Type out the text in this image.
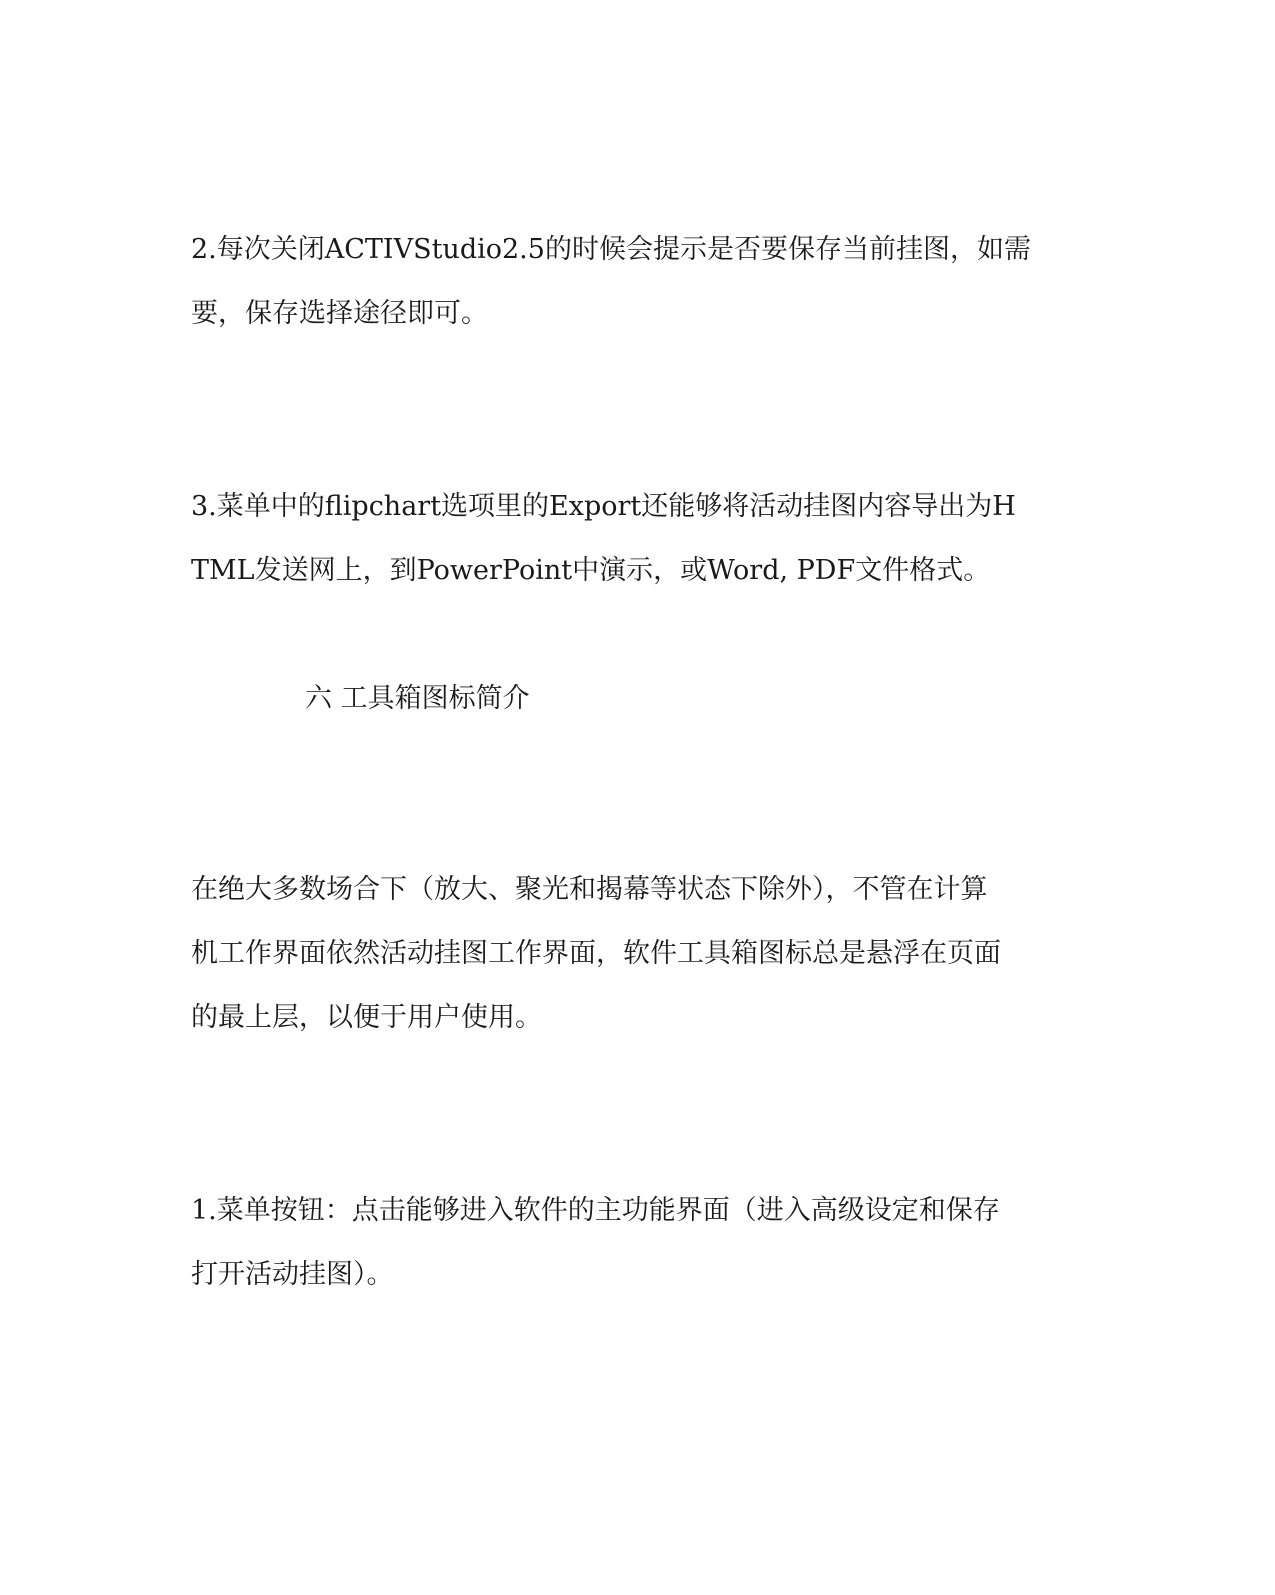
2.每次关闭ACTIVStudio2.5的时候会提示是否要保存当前挂图，如需
要，保存选择途径即可。

3.菜单中的flipchart选项里的Export还能够将活动挂图内容导出为H
TML发送网上，到PowerPoint中演示，或Word, PDF文件格式。

六 工具箱图标简介

在绝大多数场合下（放大、聚光和揭幕等状态下除外），不管在计算
机工作界面依然活动挂图工作界面，软件工具箱图标总是悬浮在页面
的最上层，以便于用户使用。

1.菜单按钮：点击能够进入软件的主功能界面（进入高级设定和保存
打开活动挂图）。
